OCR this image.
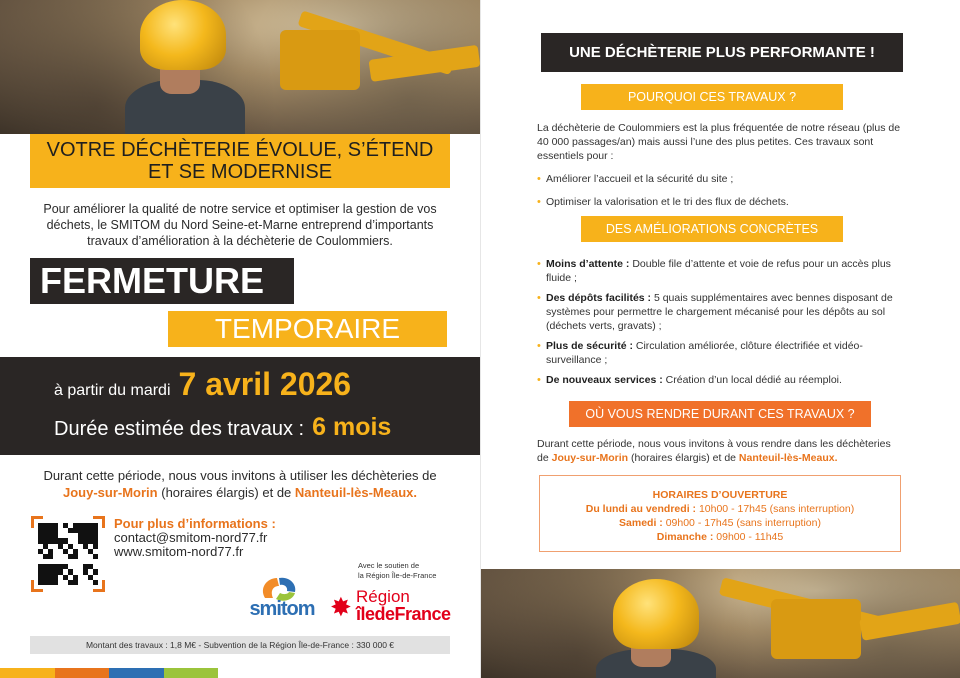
VOTRE DÉCHÈTERIE ÉVOLUE, S’ÉTEND
ET SE MODERNISE

Pour améliorer la qualité de notre service et optimiser la gestion de vos déchets, le SMITOM du Nord Seine-et-Marne entreprend d’importants travaux d’amélioration à la déchèterie de Coulommiers.

FERMETURE
TEMPORAIRE
à partir du mardi 7 avril 2026
Durée estimée des travaux : 6 mois

Durant cette période, nous vous invitons à utiliser les déchèteries de Jouy-sur-Morin (horaires élargis) et de Nanteuil-lès-Meaux.

Pour plus d’informations :
contact@smitom-nord77.fr
www.smitom-nord77.fr
Avec le soutien de
la Région Île-de-France
smitom ✸ Région
îledeFrance
Montant des travaux : 1,8 M€ - Subvention de la Région Île-de-France : 330 000 €
UNE DÉCHÈTERIE PLUS PERFORMANTE !
POURQUOI CES TRAVAUX ?

La déchèterie de Coulommiers est la plus fréquentée de notre réseau (plus de 40 000 passages/an) mais aussi l’une des plus petites. Ces travaux sont essentiels pour :

• Améliorer l’accueil et la sécurité du site ;
• Optimiser la valorisation et le tri des flux de déchets.
DES AMÉLIORATIONS CONCRÈTES
• Moins d’attente : Double file d’attente et voie de refus pour un accès plus fluide ;
• Des dépôts facilités : 5 quais supplémentaires avec bennes disposant de systèmes pour permettre le chargement mécanisé pour les dépôts au sol (déchets verts, gravats) ;
• Plus de sécurité : Circulation améliorée, clôture électrifiée et vidéo-surveillance ;
• De nouveaux services : Création d’un local dédié au réemploi.
OÙ VOUS RENDRE DURANT CES TRAVAUX ?

Durant cette période, nous vous invitons à vous rendre dans les déchèteries de Jouy-sur-Morin (horaires élargis) et de Nanteuil-lès-Meaux.

HORAIRES D’OUVERTURE
Du lundi au vendredi : 10h00 - 17h45 (sans interruption)
Samedi : 09h00 - 17h45 (sans interruption)
Dimanche : 09h00 - 11h45
